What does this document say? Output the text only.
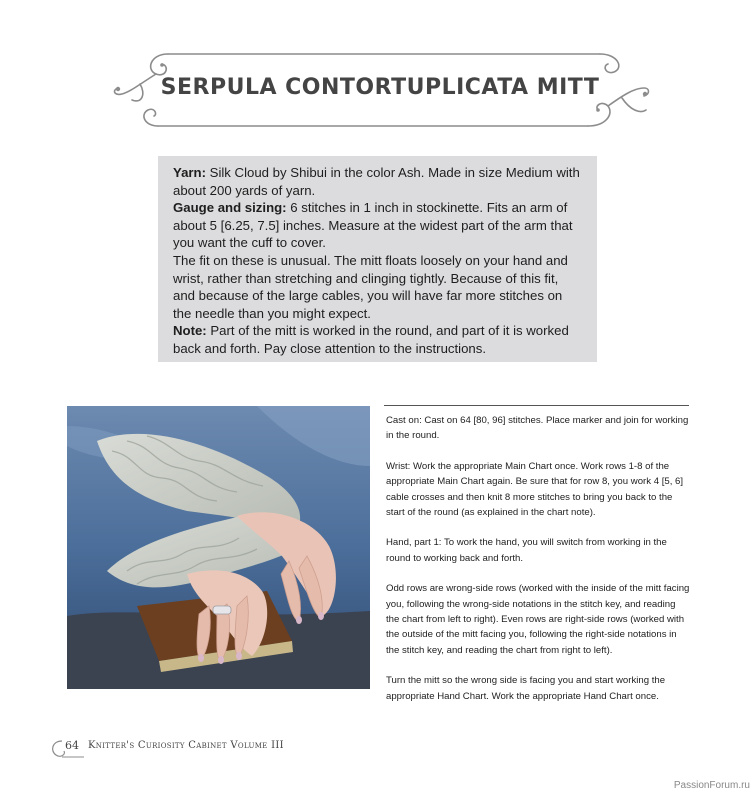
SERPULA CONTORTUPLICATA MITT

Yarn: Silk Cloud by Shibui in the color Ash. Made in size Medium with about 200 yards of yarn.

Gauge and sizing: 6 stitches in 1 inch in stockinette. Fits an arm of about 5 [6.25, 7.5] inches. Measure at the widest part of the arm that you want the cuff to cover.

The fit on these is unusual. The mitt floats loosely on your hand and wrist, rather than stretching and clinging tightly. Because of this fit, and because of the large cables, you will have far more stitches on the needle than you might expect.

Note: Part of the mitt is worked in the round, and part of it is worked back and forth. Pay close attention to the instructions.

Cast on: Cast on 64 [80, 96] stitches. Place marker and join for working in the round.

Wrist: Work the appropriate Main Chart once. Work rows 1-8 of the appropriate Main Chart again. Be sure that for row 8, you work 4 [5, 6] cable crosses and then knit 8 more stitches to bring you back to the start of the round (as explained in the chart note).

Hand, part 1: To work the hand, you will switch from working in the round to working back and forth.

Odd rows are wrong-side rows (worked with the inside of the mitt facing you, following the wrong-side notations in the stitch key, and reading the chart from left to right). Even rows are right-side rows (worked with the outside of the mitt facing you, following the right-side notations in the stitch key, and reading the chart from right to left).

Turn the mitt so the wrong side is facing you and start working the appropriate Hand Chart. Work the appropriate Hand Chart once.

64 Knitter's Curiosity Cabinet Volume III
PassionForum.ru
